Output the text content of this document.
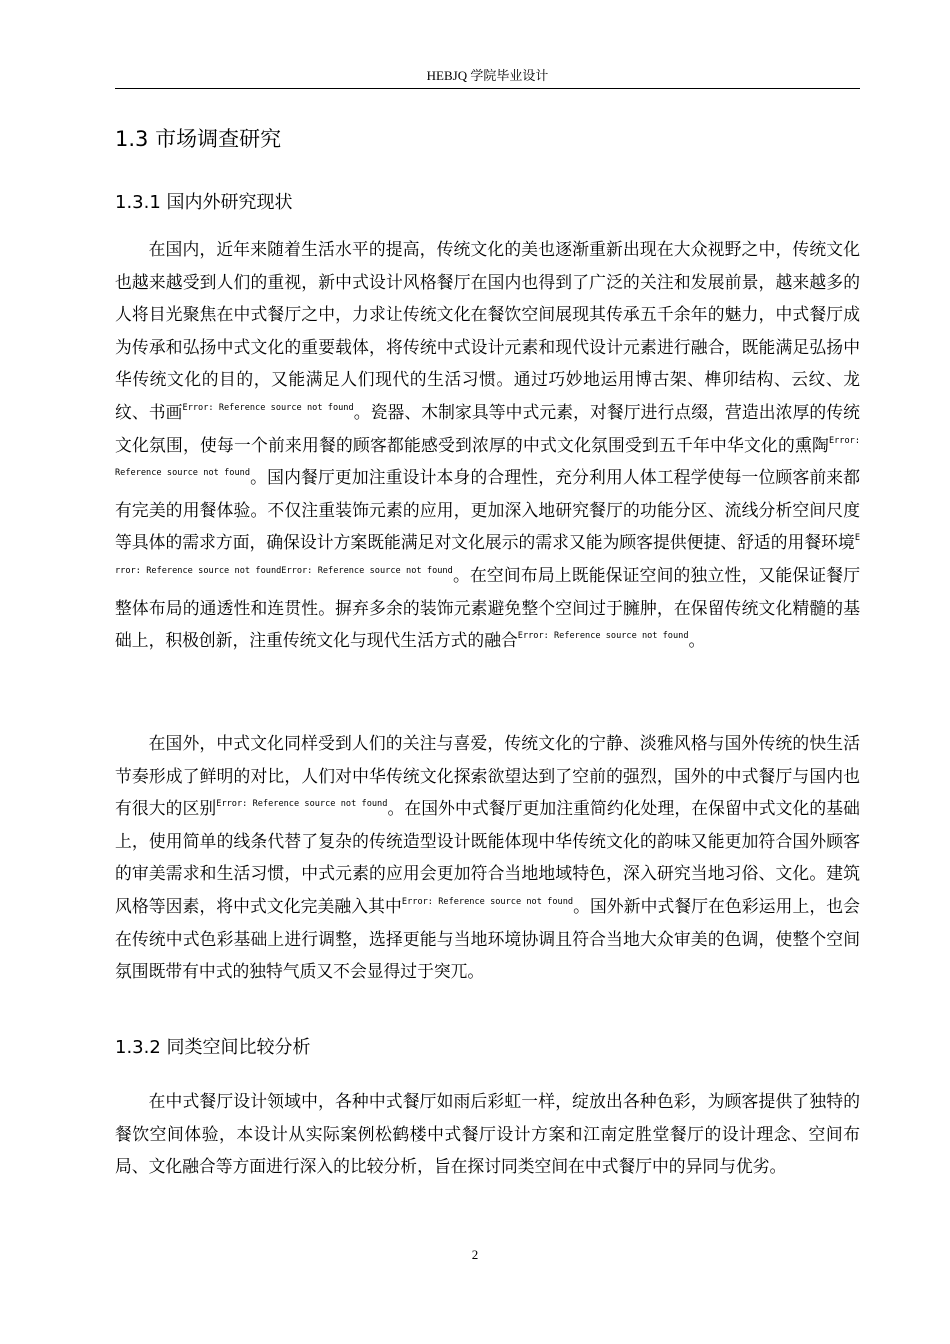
HEBJQ 学院毕业设计
1.3 市场调查研究
1.3.1 国内外研究现状

在国内，近年来随着生活水平的提高，传统文化的美也逐渐重新出现在大众视野之中，传统文化也越来越受到人们的重视，新中式设计风格餐厅在国内也得到了广泛的关注和发展前景，越来越多的人将目光聚焦在中式餐厅之中，力求让传统文化在餐饮空间展现其传承五千余年的魅力，中式餐厅成为传承和弘扬中式文化的重要载体，将传统中式设计元素和现代设计元素进行融合，既能满足弘扬中华传统文化的目的，又能满足人们现代的生活习惯。通过巧妙地运用博古架、榫卯结构、云纹、龙纹、书画$^{Error: Reference source not found}$。瓷器、木制家具等中式元素，对餐厅进行点缀，营造出浓厚的传统文化氛围，使每一个前来用餐的顾客都能感受到浓厚的中式文化氛围受到五千年中华文化的熏陶$^{Error: Reference source not found}$。国内餐厅更加注重设计本身的合理性，充分利用人体工程学使每一位顾客前来都有完美的用餐体验。不仅注重装饰元素的应用，更加深入地研究餐厅的功能分区、流线分析空间尺度等具体的需求方面，确保设计方案既能满足对文化展示的需求又能为顾客提供便捷、舒适的用餐环境$^{Error: Reference source not foundError: Reference source not found}$。在空间布局上既能保证空间的独立性，又能保证餐厅整体布局的通透性和连贯性。摒弃多余的装饰元素避免整个空间过于臃肿，在保留传统文化精髓的基础上，积极创新，注重传统文化与现代生活方式的融合$^{Error: Reference source not found}$。

在国外，中式文化同样受到人们的关注与喜爱，传统文化的宁静、淡雅风格与国外传统的快生活节奏形成了鲜明的对比，人们对中华传统文化探索欲望达到了空前的强烈，国外的中式餐厅与国内也有很大的区别$^{Error: Reference source not found}$。在国外中式餐厅更加注重简约化处理，在保留中式文化的基础上，使用简单的线条代替了复杂的传统造型设计既能体现中华传统文化的韵味又能更加符合国外顾客的审美需求和生活习惯，中式元素的应用会更加符合当地地域特色，深入研究当地习俗、文化。建筑风格等因素，将中式文化完美融入其中$^{Error: Reference source not found}$。国外新中式餐厅在色彩运用上，也会在传统中式色彩基础上进行调整，选择更能与当地环境协调且符合当地大众审美的色调，使整个空间氛围既带有中式的独特气质又不会显得过于突兀。

1.3.2 同类空间比较分析

在中式餐厅设计领域中，各种中式餐厅如雨后彩虹一样，绽放出各种色彩，为顾客提供了独特的餐饮空间体验，本设计从实际案例松鹤楼中式餐厅设计方案和江南定胜堂餐厅的设计理念、空间布局、文化融合等方面进行深入的比较分析，旨在探讨同类空间在中式餐厅中的异同与优劣。

2
